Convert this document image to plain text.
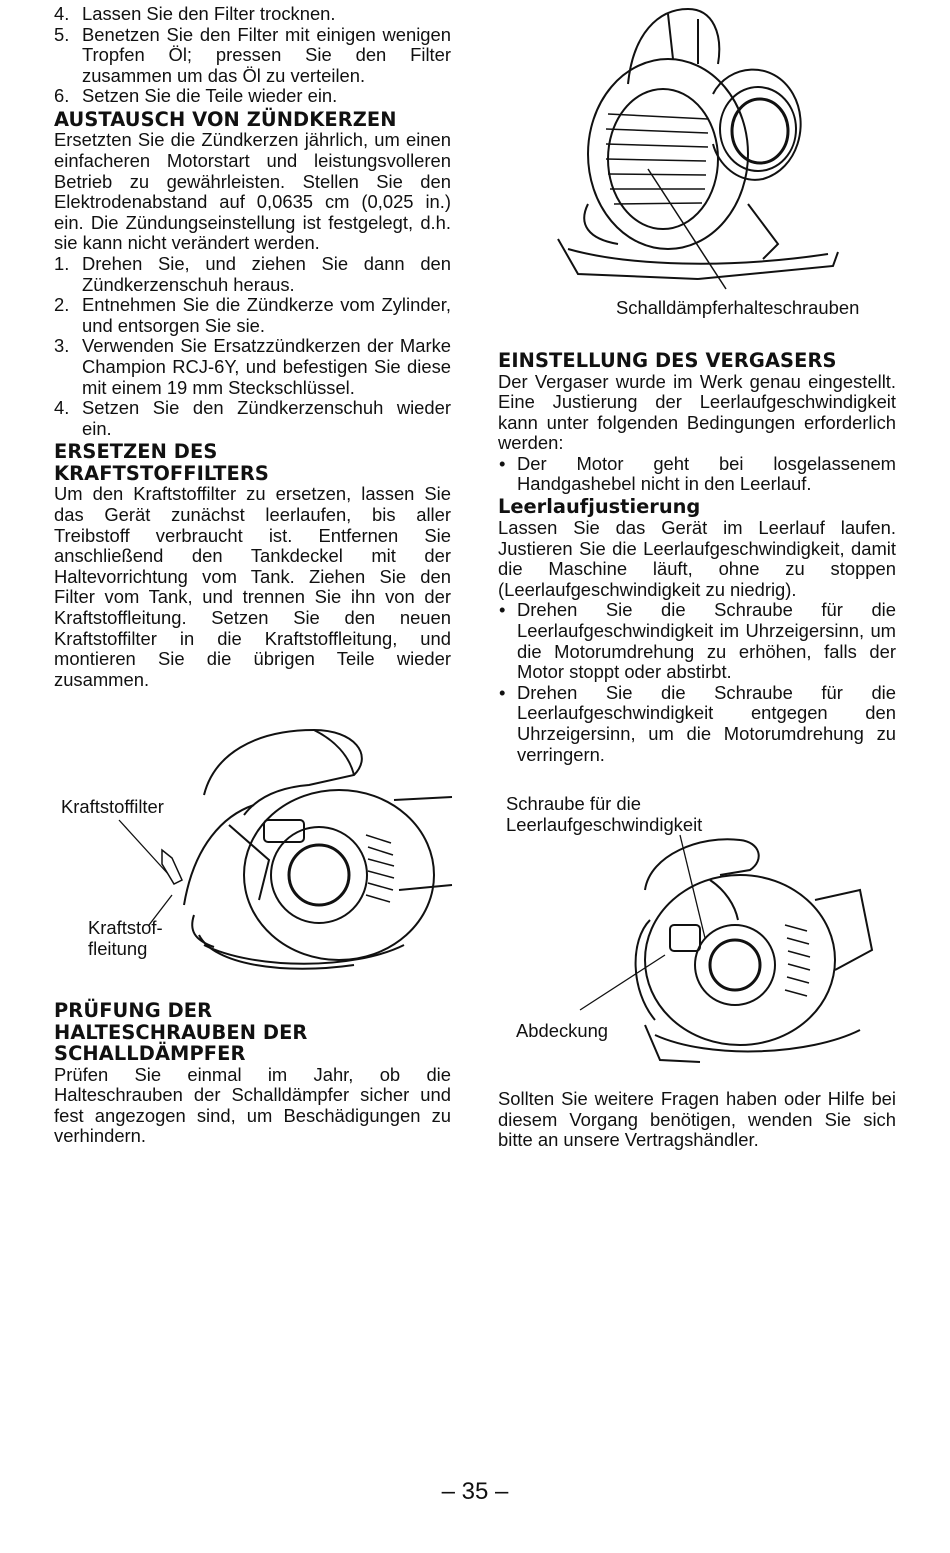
4. Lassen Sie den Filter trocknen.
5. Benetzen Sie den Filter mit einigen wenigen Tropfen Öl; pressen Sie den Filter zusammen um das Öl zu verteilen.
6. Setzen Sie die Teile wieder ein.
AUSTAUSCH VON ZÜNDKERZEN

Ersetzten Sie die Zündkerzen jährlich, um einen einfacheren Motorstart und leistungsvolleren Betrieb zu gewährleisten. Stellen Sie den Elektrodenabstand auf 0,0635 cm (0,025 in.) ein. Die Zündungseinstellung ist festgelegt, d.h. sie kann nicht verändert werden.

1. Drehen Sie, und ziehen Sie dann den Zündkerzenschuh heraus.
2. Entnehmen Sie die Zündkerze vom Zylinder, und entsorgen Sie sie.
3. Verwenden Sie Ersatzzündkerzen der Marke Champion RCJ-6Y, und befestigen Sie diese mit einem 19 mm Steckschlüssel.
4. Setzen Sie den Zündkerzenschuh wieder ein.
ERSETZEN DES
KRAFTSTOFFILTERS

Um den Kraftstoffilter zu ersetzen, lassen Sie das Gerät zunächst leerlaufen, bis aller Treibstoff verbraucht ist. Entfernen Sie anschließend den Tankdeckel mit der Haltevorrichtung vom Tank. Ziehen Sie den Filter vom Tank, und trennen Sie ihn von der Kraftstoffleitung. Setzen Sie den neuen Kraftstoffilter in die Kraftstoffleitung, und montieren Sie die übrigen Teile wieder zusammen.

Kraftstoffilter
Kraftstof-
fleitung
PRÜFUNG DER
HALTESCHRAUBEN DER
SCHALLDÄMPFER

Prüfen Sie einmal im Jahr, ob die Halteschrauben der Schalldämpfer sicher und fest angezogen sind, um Beschädigungen zu verhindern.

Schalldämpferhalteschrauben
EINSTELLUNG DES VERGASERS

Der Vergaser wurde im Werk genau eingestellt. Eine Justierung der Leerlaufgeschwindigkeit kann unter folgenden Bedingungen erforderlich werden:

• Der Motor geht bei losgelassenem Handgashebel nicht in den Leerlauf.
Leerlaufjustierung

Lassen Sie das Gerät im Leerlauf laufen. Justieren Sie die Leerlaufgeschwindigkeit, damit die Maschine läuft, ohne zu stoppen (Leerlaufgeschwindigkeit zu niedrig).

• Drehen Sie die Schraube für die Leerlaufgeschwindigkeit im Uhrzeigersinn, um die Motorumdrehung zu erhöhen, falls der Motor stoppt oder abstirbt.
• Drehen Sie die Schraube für die Leerlaufgeschwindigkeit entgegen den Uhrzeigersinn, um die Motorumdrehung zu verringern.
Schraube für die
Leerlaufgeschwindigkeit
Abdeckung

Sollten Sie weitere Fragen haben oder Hilfe bei diesem Vorgang benötigen, wenden Sie sich bitte an unsere Vertragshändler.

– 35 –
